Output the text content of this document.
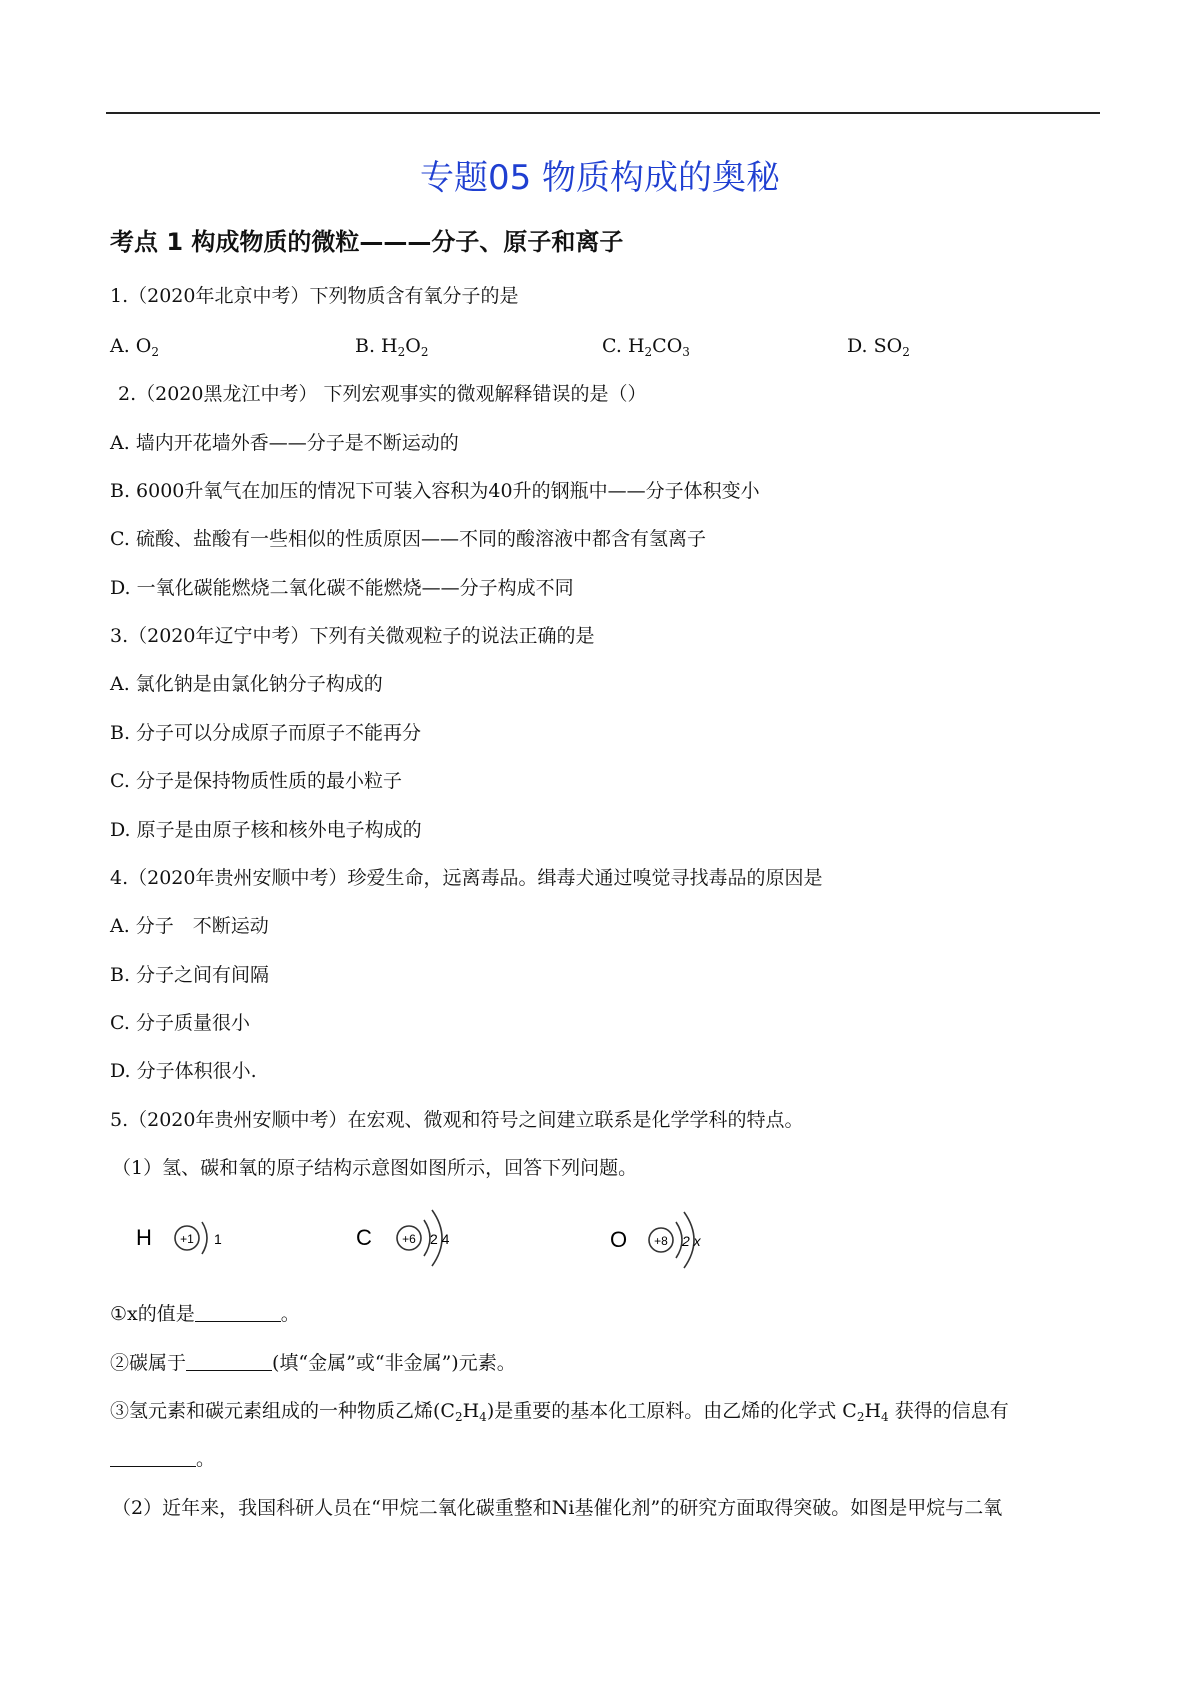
专题05 物质构成的奥秘
考点 1 构成物质的微粒———分子、原子和离子
1.（2020年北京中考）下列物质含有氧分子的是
A. $O_2$	B. $H_2O_2$	C. $H_2CO_3$	D. $SO_2$
2.（2020黑龙江中考） 下列宏观事实的微观解释错误的是（）
A. 墙内开花墙外香——分子是不断运动的
B. 6000升氧气在加压的情况下可装入容积为40升的钢瓶中——分子体积变小
C. 硫酸、盐酸有一些相似的性质原因——不同的酸溶液中都含有氢离子
D. 一氧化碳能燃烧二氧化碳不能燃烧——分子构成不同
3.（2020年辽宁中考）下列有关微观粒子的说法正确的是
A. 氯化钠是由氯化钠分子构成的
B. 分子可以分成原子而原子不能再分
C. 分子是保持物质性质的最小粒子
D. 原子是由原子核和核外电子构成的
4.（2020年贵州安顺中考）珍爱生命，远离毒品。缉毒犬通过嗅觉寻找毒品的原因是
A. 分子　不断运动
B. 分子之间有间隔
C. 分子质量很小
D. 分子体积很小.
5.（2020年贵州安顺中考）在宏观、微观和符号之间建立联系是化学学科的特点。
（1）氢、碳和氧的原子结构示意图如图所示，回答下列问题。
H +1 1	C	+6 2 4	O +8 2 x
①x的值是	。
②碳属于	(填“金属”或“非金属”)元素。
③氢元素和碳元素组成的一种物质乙烯$(C_2H_4)$是重要的基本化工原料。由乙烯的化学式 $C_2H_4$ 获得的信息有
。
（2）近年来，我国科研人员在“甲烷二氧化碳重整和Ni基催化剂”的研究方面取得突破。如图是甲烷与二氧
